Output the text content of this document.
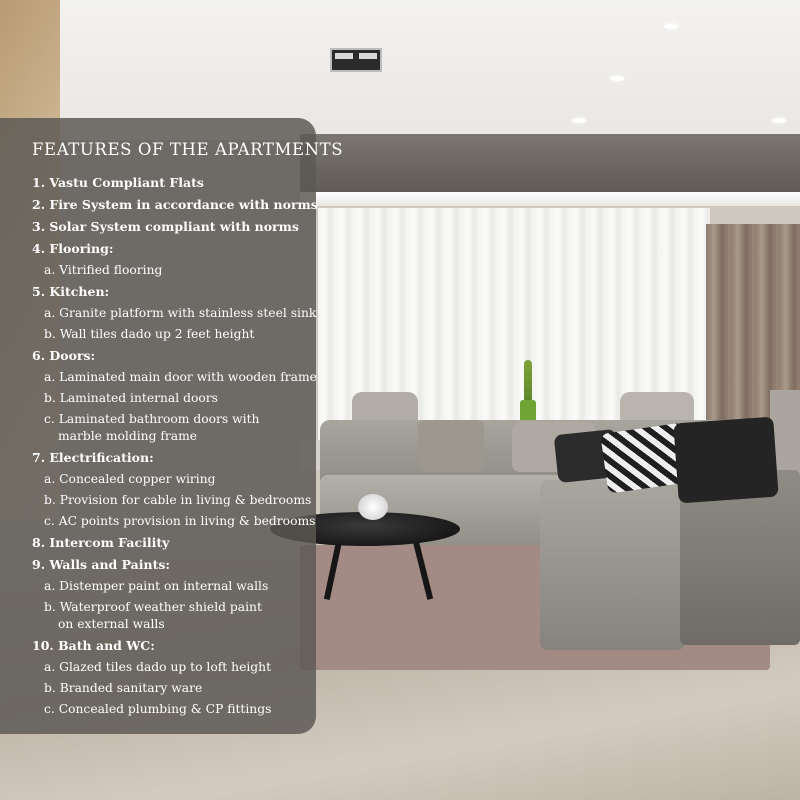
FEATURES OF THE APARTMENTS
1. Vastu Compliant Flats
2. Fire System in accordance with norms
3. Solar System compliant with norms
4. Flooring:
a. Vitrified flooring
5. Kitchen:
a. Granite platform with stainless steel sink
b. Wall tiles dado up 2 feet height
6. Doors:
a. Laminated main door with wooden frame
b. Laminated internal doors
c. Laminated bathroom doors with
marble molding frame
7. Electrification:
a. Concealed copper wiring
b. Provision for cable in living & bedrooms
c. AC points provision in living & bedrooms
8. Intercom Facility
9. Walls and Paints:
a. Distemper paint on internal walls
b. Waterproof weather shield paint
on external walls
10. Bath and WC:
a. Glazed tiles dado up to loft height
b. Branded sanitary ware
c. Concealed plumbing & CP fittings
